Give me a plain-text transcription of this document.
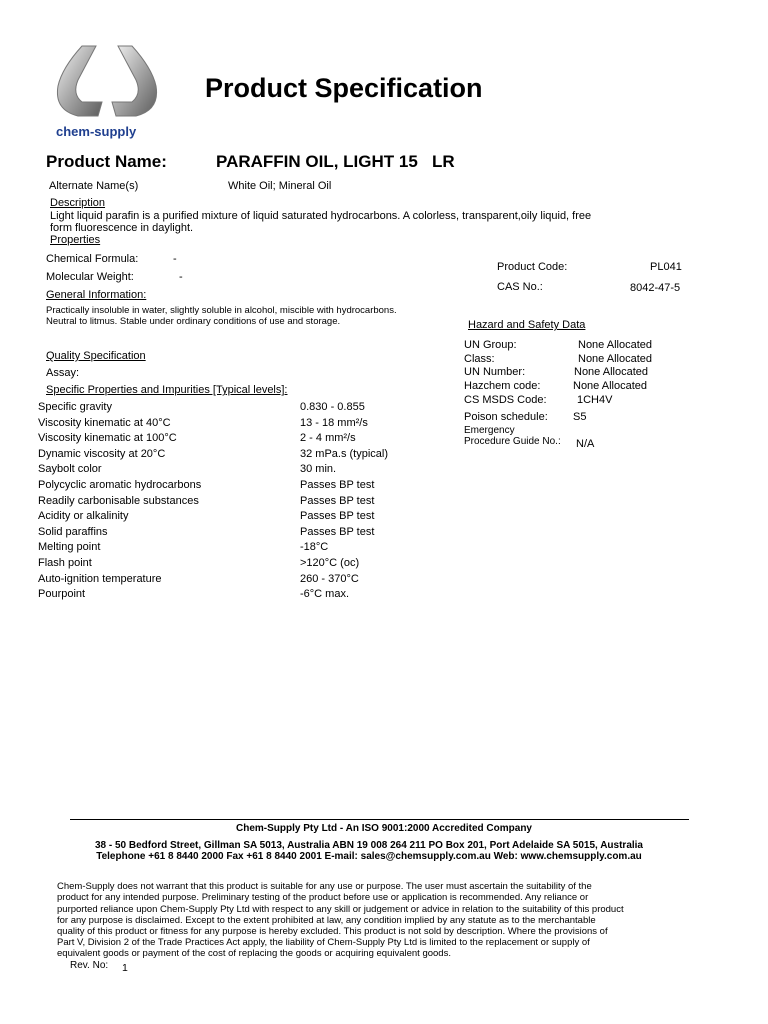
chem-supply
Product Specification
Product Name:	PARAFFIN OIL, LIGHT 15   LR
Alternate Name(s)	White Oil; Mineral Oil
Description
Light liquid parafin is a purified mixture of liquid saturated hydrocarbons. A colorless, transparent,oily liquid, free
form fluorescence in daylight.
Properties
Chemical Formula:	-
Molecular Weight:	-
General Information:
Practically insoluble in water, slightly soluble in alcohol, miscible with hydrocarbons.
Neutral to litmus. Stable under ordinary conditions of use and storage.
Product Code:	PL041
CAS No.:	8042-47-5
Hazard and Safety Data
UN Group:	None Allocated
Class:	None Allocated
UN Number:	None Allocated
Hazchem code:	None Allocated
CS MSDS Code:	1CH4V
Poison schedule: S5
Emergency
Procedure Guide No.: N/A
Quality Specification
Assay:
Specific Properties and Impurities [Typical levels]:
Specific gravity	0.830 - 0.855
Viscosity kinematic at 40°C	13 - 18 mm²/s
Viscosity kinematic at 100°C	2 - 4 mm²/s
Dynamic viscosity at 20°C	32 mPa.s (typical)
Saybolt color	30 min.
Polycyclic aromatic hydrocarbons	Passes BP test
Readily carbonisable substances	Passes BP test
Acidity or alkalinity	Passes BP test
Solid paraffins	Passes BP test
Melting point	-18°C
Flash point	>120°C (oc)
Auto-ignition temperature	260 - 370°C
Pourpoint	-6°C max.
Chem-Supply Pty Ltd - An ISO 9001:2000 Accredited Company
38 - 50 Bedford Street, Gillman SA 5013, Australia ABN 19 008 264 211 PO Box 201, Port Adelaide SA 5015, Australia
Telephone +61 8 8440 2000 Fax +61 8 8440 2001 E-mail: sales@chemsupply.com.au Web: www.chemsupply.com.au

Chem-Supply does not warrant that this product is suitable for any use or purpose. The user must ascertain the suitability of the
product for any intended purpose. Preliminary testing of the product before use or application is recommended. Any reliance or
purported reliance upon Chem-Supply Pty Ltd with respect to any skill or judgement or advice in relation to the suitability of this product
for any purpose is disclaimed. Except to the extent prohibited at law, any condition implied by any statute as to the merchantable
quality of this product or fitness for any purpose is hereby excluded. This product is not sold by description. Where the provisions of
Part V, Division 2 of the Trade Practices Act apply, the liability of Chem-Supply Pty Ltd is limited to the replacement or supply of
equivalent goods or payment of the cost of replacing the goods or acquiring equivalent goods.

Rev. No: 1
